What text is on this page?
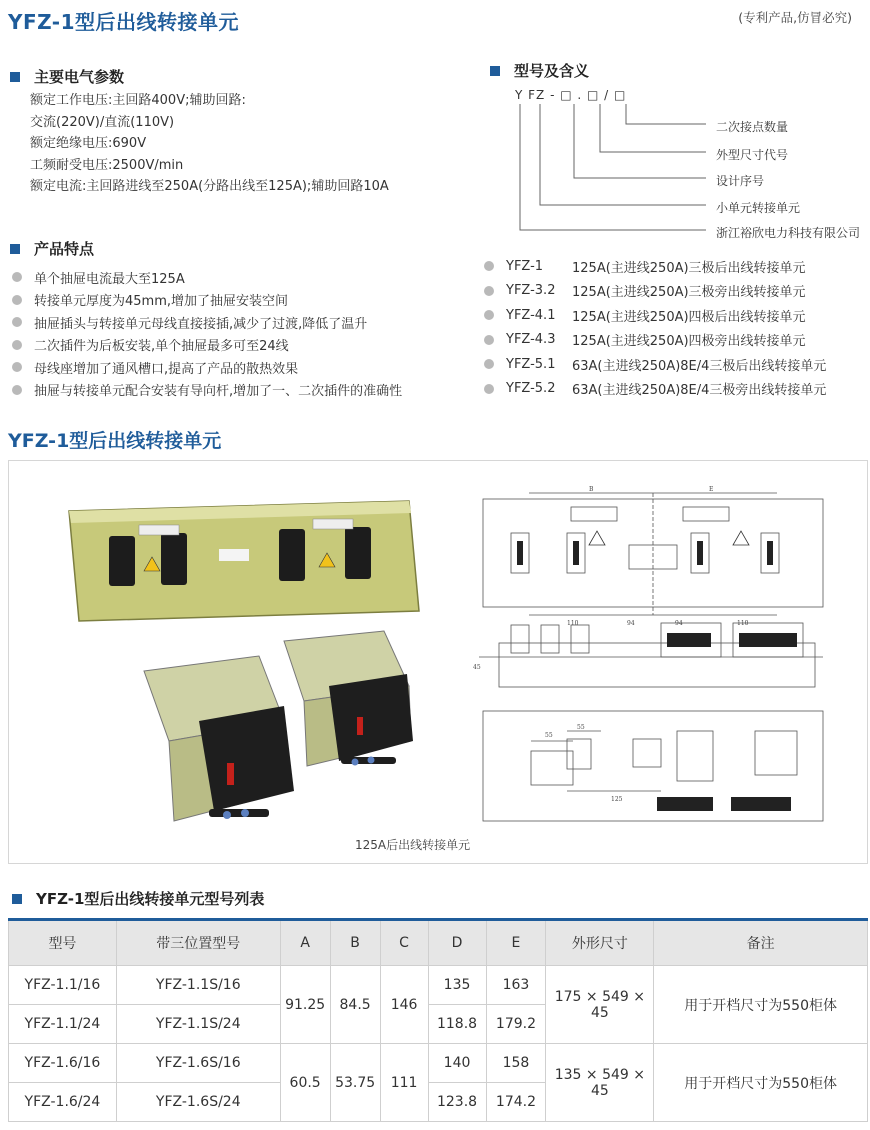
YFZ-1型后出线转接单元	(专利产品,仿冒必究)
主要电气参数
额定工作电压:主回路400V;辅助回路:
交流(220V)/直流(110V)
额定绝缘电压:690V
工频耐受电压:2500V/min
额定电流:主回路进线至250A(分路出线至125A);辅助回路10A
产品特点
单个抽屉电流最大至125A
转接单元厚度为45mm,增加了抽屉安装空间
抽屉插头与转接单元母线直接接插,减少了过渡,降低了温升
二次插件为后板安装,单个抽屉最多可至24线
母线座增加了通风槽口,提高了产品的散热效果
抽屉与转接单元配合安装有导向杆,增加了一、二次插件的准确性
型号及含义
Y FZ - □ . □ / □
二次接点数量
外型尺寸代号
设计序号
小单元转接单元
浙江裕欣电力科技有限公司
YFZ-1	125A(主进线250A)三极后出线转接单元
YFZ-3.2	125A(主进线250A)三极旁出线转接单元
YFZ-4.1	125A(主进线250A)四极后出线转接单元
YFZ-4.3	125A(主进线250A)四极旁出线转接单元
YFZ-5.1	63A(主进线250A)8E/4三极后出线转接单元
YFZ-5.2	63A(主进线250A)8E/4三极旁出线转接单元
YFZ-1型后出线转接单元
B	E
110	94	94	110
55
55
125
45
125A后出线转接单元
YFZ-1型后出线转接单元型号列表
型号	带三位置型号	A	B	C	D	E	外形尺寸	备注
YFZ-1.1/16	YFZ-1.1S/16	91.25	84.5	146	135	163	175 × 549 × 45	用于开档尺寸为550柜体
YFZ-1.1/24	YFZ-1.1S/24				118.8	179.2		
YFZ-1.6/16	YFZ-1.6S/16	60.5	53.75	111	140	158	135 × 549 × 45	用于开档尺寸为550柜体
YFZ-1.6/24	YFZ-1.6S/24				123.8	174.2		
